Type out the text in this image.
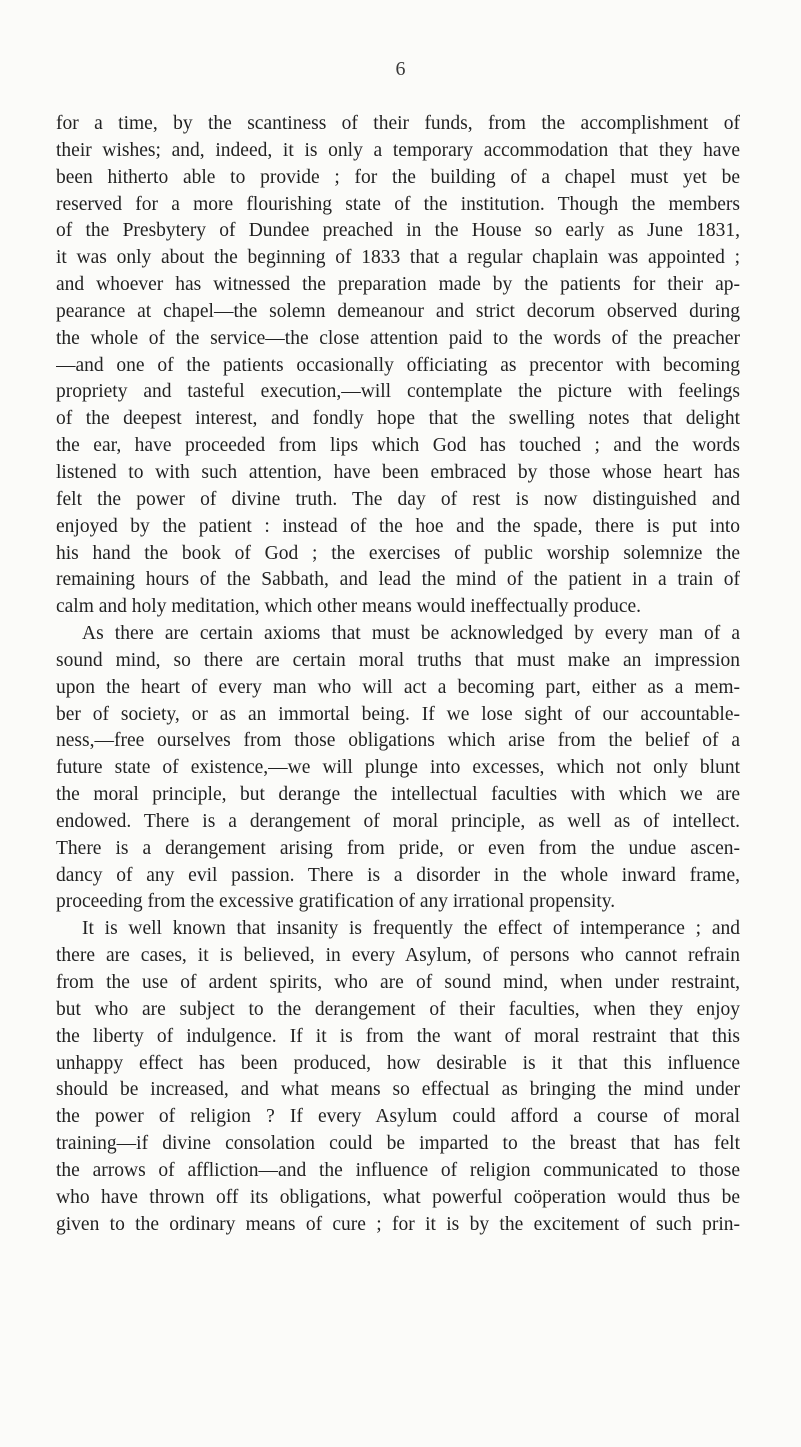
6
for a time, by the scantiness of their funds, from the accomplishment of
their wishes; and, indeed, it is only a temporary accommodation that they have
been hitherto able to provide ; for the building of a chapel must yet be
reserved for a more flourishing state of the institution. Though the members
of the Presbytery of Dundee preached in the House so early as June 1831,
it was only about the beginning of 1833 that a regular chaplain was appointed ;
and whoever has witnessed the preparation made by the patients for their ap-
pearance at chapel—the solemn demeanour and strict decorum observed during
the whole of the service—the close attention paid to the words of the preacher
—and one of the patients occasionally officiating as precentor with becoming
propriety and tasteful execution,—will contemplate the picture with feelings
of the deepest interest, and fondly hope that the swelling notes that delight
the ear, have proceeded from lips which God has touched ; and the words
listened to with such attention, have been embraced by those whose heart has
felt the power of divine truth. The day of rest is now distinguished and
enjoyed by the patient : instead of the hoe and the spade, there is put into
his hand the book of God ; the exercises of public worship solemnize the
remaining hours of the Sabbath, and lead the mind of the patient in a train of
calm and holy meditation, which other means would ineffectually produce.
As there are certain axioms that must be acknowledged by every man of a
sound mind, so there are certain moral truths that must make an impression
upon the heart of every man who will act a becoming part, either as a mem-
ber of society, or as an immortal being. If we lose sight of our accountable-
ness,—free ourselves from those obligations which arise from the belief of a
future state of existence,—we will plunge into excesses, which not only blunt
the moral principle, but derange the intellectual faculties with which we are
endowed. There is a derangement of moral principle, as well as of intellect.
There is a derangement arising from pride, or even from the undue ascen-
dancy of any evil passion. There is a disorder in the whole inward frame,
proceeding from the excessive gratification of any irrational propensity.
It is well known that insanity is frequently the effect of intemperance ; and
there are cases, it is believed, in every Asylum, of persons who cannot refrain
from the use of ardent spirits, who are of sound mind, when under restraint,
but who are subject to the derangement of their faculties, when they enjoy
the liberty of indulgence. If it is from the want of moral restraint that this
unhappy effect has been produced, how desirable is it that this influence
should be increased, and what means so effectual as bringing the mind under
the power of religion ? If every Asylum could afford a course of moral
training—if divine consolation could be imparted to the breast that has felt
the arrows of affliction—and the influence of religion communicated to those
who have thrown off its obligations, what powerful coöperation would thus be
given to the ordinary means of cure ; for it is by the excitement of such prin-
